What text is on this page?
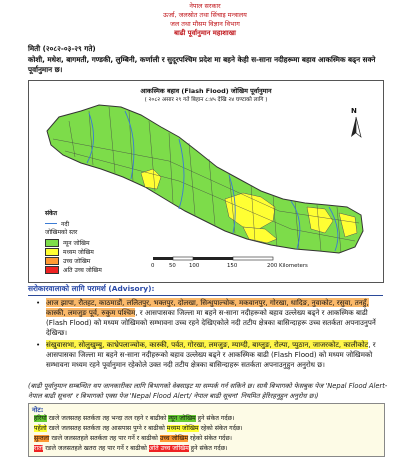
नेपाल सरकार
ऊर्जा, जलस्रोत तथा सिंचाइ मन्त्रालय
जल तथा मौसम विज्ञान विभाग
बाढी पूर्वानुमान महाशाखा
मिती (२०८२-०३-२९ गते)
कोशी, मधेश, बागमती, गण्डकी, लुम्बिनी, कर्णाली र सुदूरपश्चिम प्रदेश मा बहने केही स-साना नदीहरूमा बहाव आकस्मिक बढ्न सक्ने पूर्वानुमान छ।
आकस्मिक बहाव (Flash Flood) जोखिम पूर्वानुमान
( २०८२ असार २९ गते बिहान ८:४५ देखि २४ घण्टाको लागि )
N
0	50 100	150	200 Kilometers
संकेत
नदी
जोखिमको स्तर
न्यून जोखिम
मध्यम जोखिम
उच्च जोखिम
अति उच्च जोखिम
सरोकारवालाको लागि परामर्श (Advisory):
• आज झापा, रौतहट, काठमाडौं, ललितपुर, भक्तपुर, दोलखा, सिन्धुपाल्चोक, मकवानपुर, गोरखा, धादिङ, नुवाकोट, रसुवा, तनहुँ, कास्की, लमजुङ पूर्व, रुकुम पश्चिम, र आसपासका जिल्ला मा बहने स-साना नदीहरूको बहाव उल्लेख्य बढ्ने र आकस्मिक बाढी (Flash Flood) को मध्यम जोखिमको सम्भावना उच्च रहने देखिएकोले नदी तटीय क्षेत्रका बासिन्दाहरू उच्च सतर्कता अपनाउनुपर्ने देखिन्छ।
• संखुवासभा, सोलुखुम्बु, काभ्रेपलाञ्चोक, कास्की, पर्वत, गोरखा, लमजुङ, म्याग्दी, बाग्लुङ, रोल्पा, प्युठान, जाजरकोट, कालीकोट, र आसपासका जिल्ला मा बहने स-साना नदीहरूको बहाव उल्लेख्य बढ्ने र आकस्मिक बाढी (Flash Flood) को मध्यम जोखिमको सम्भावना मध्यम रहने पूर्वानुमान रहेकोले उक्त नदी तटीय क्षेत्रका बासिन्दाहरू सतर्कता अपनाउनुहुन अनुरोध छ।
(बाढी पूर्वानुमान सम्बन्धित थप जानकारीका लागि बिभागको वेबसाइट मा सम्पर्क गर्न सकिने छ। साथै बिभागको फेसबुक पेज 'Nepal Flood Alert-नेपाल बाढी सूचना' र बिभागको एक्स पेज 'Nepal Flood Alert/ नेपाल बाढी सूचना' नियमित हेरिरहनुहुन अनुरोध छ।)
नोट:
हरियो रङले जलसतह सतर्कता तह भन्दा तल रहने र बाढीको न्यून जोखिम हुने संकेत गर्दछ।
पहेंलो रङले जलसतह सतर्कता तह आसपास पुग्ने र बाढीको मध्यम जोखिम रहेको संकेत गर्दछ।
सुन्तला रङले जलसतहले सतर्कता तह पार गर्ने र बाढीको उच्च जोखिम रहेको संकेत गर्दछ।
रातो रङले जलसतहले खतरा तह पार गर्ने र बाढीको अति उच्च जोखिम हुने संकेत गर्दछ।
